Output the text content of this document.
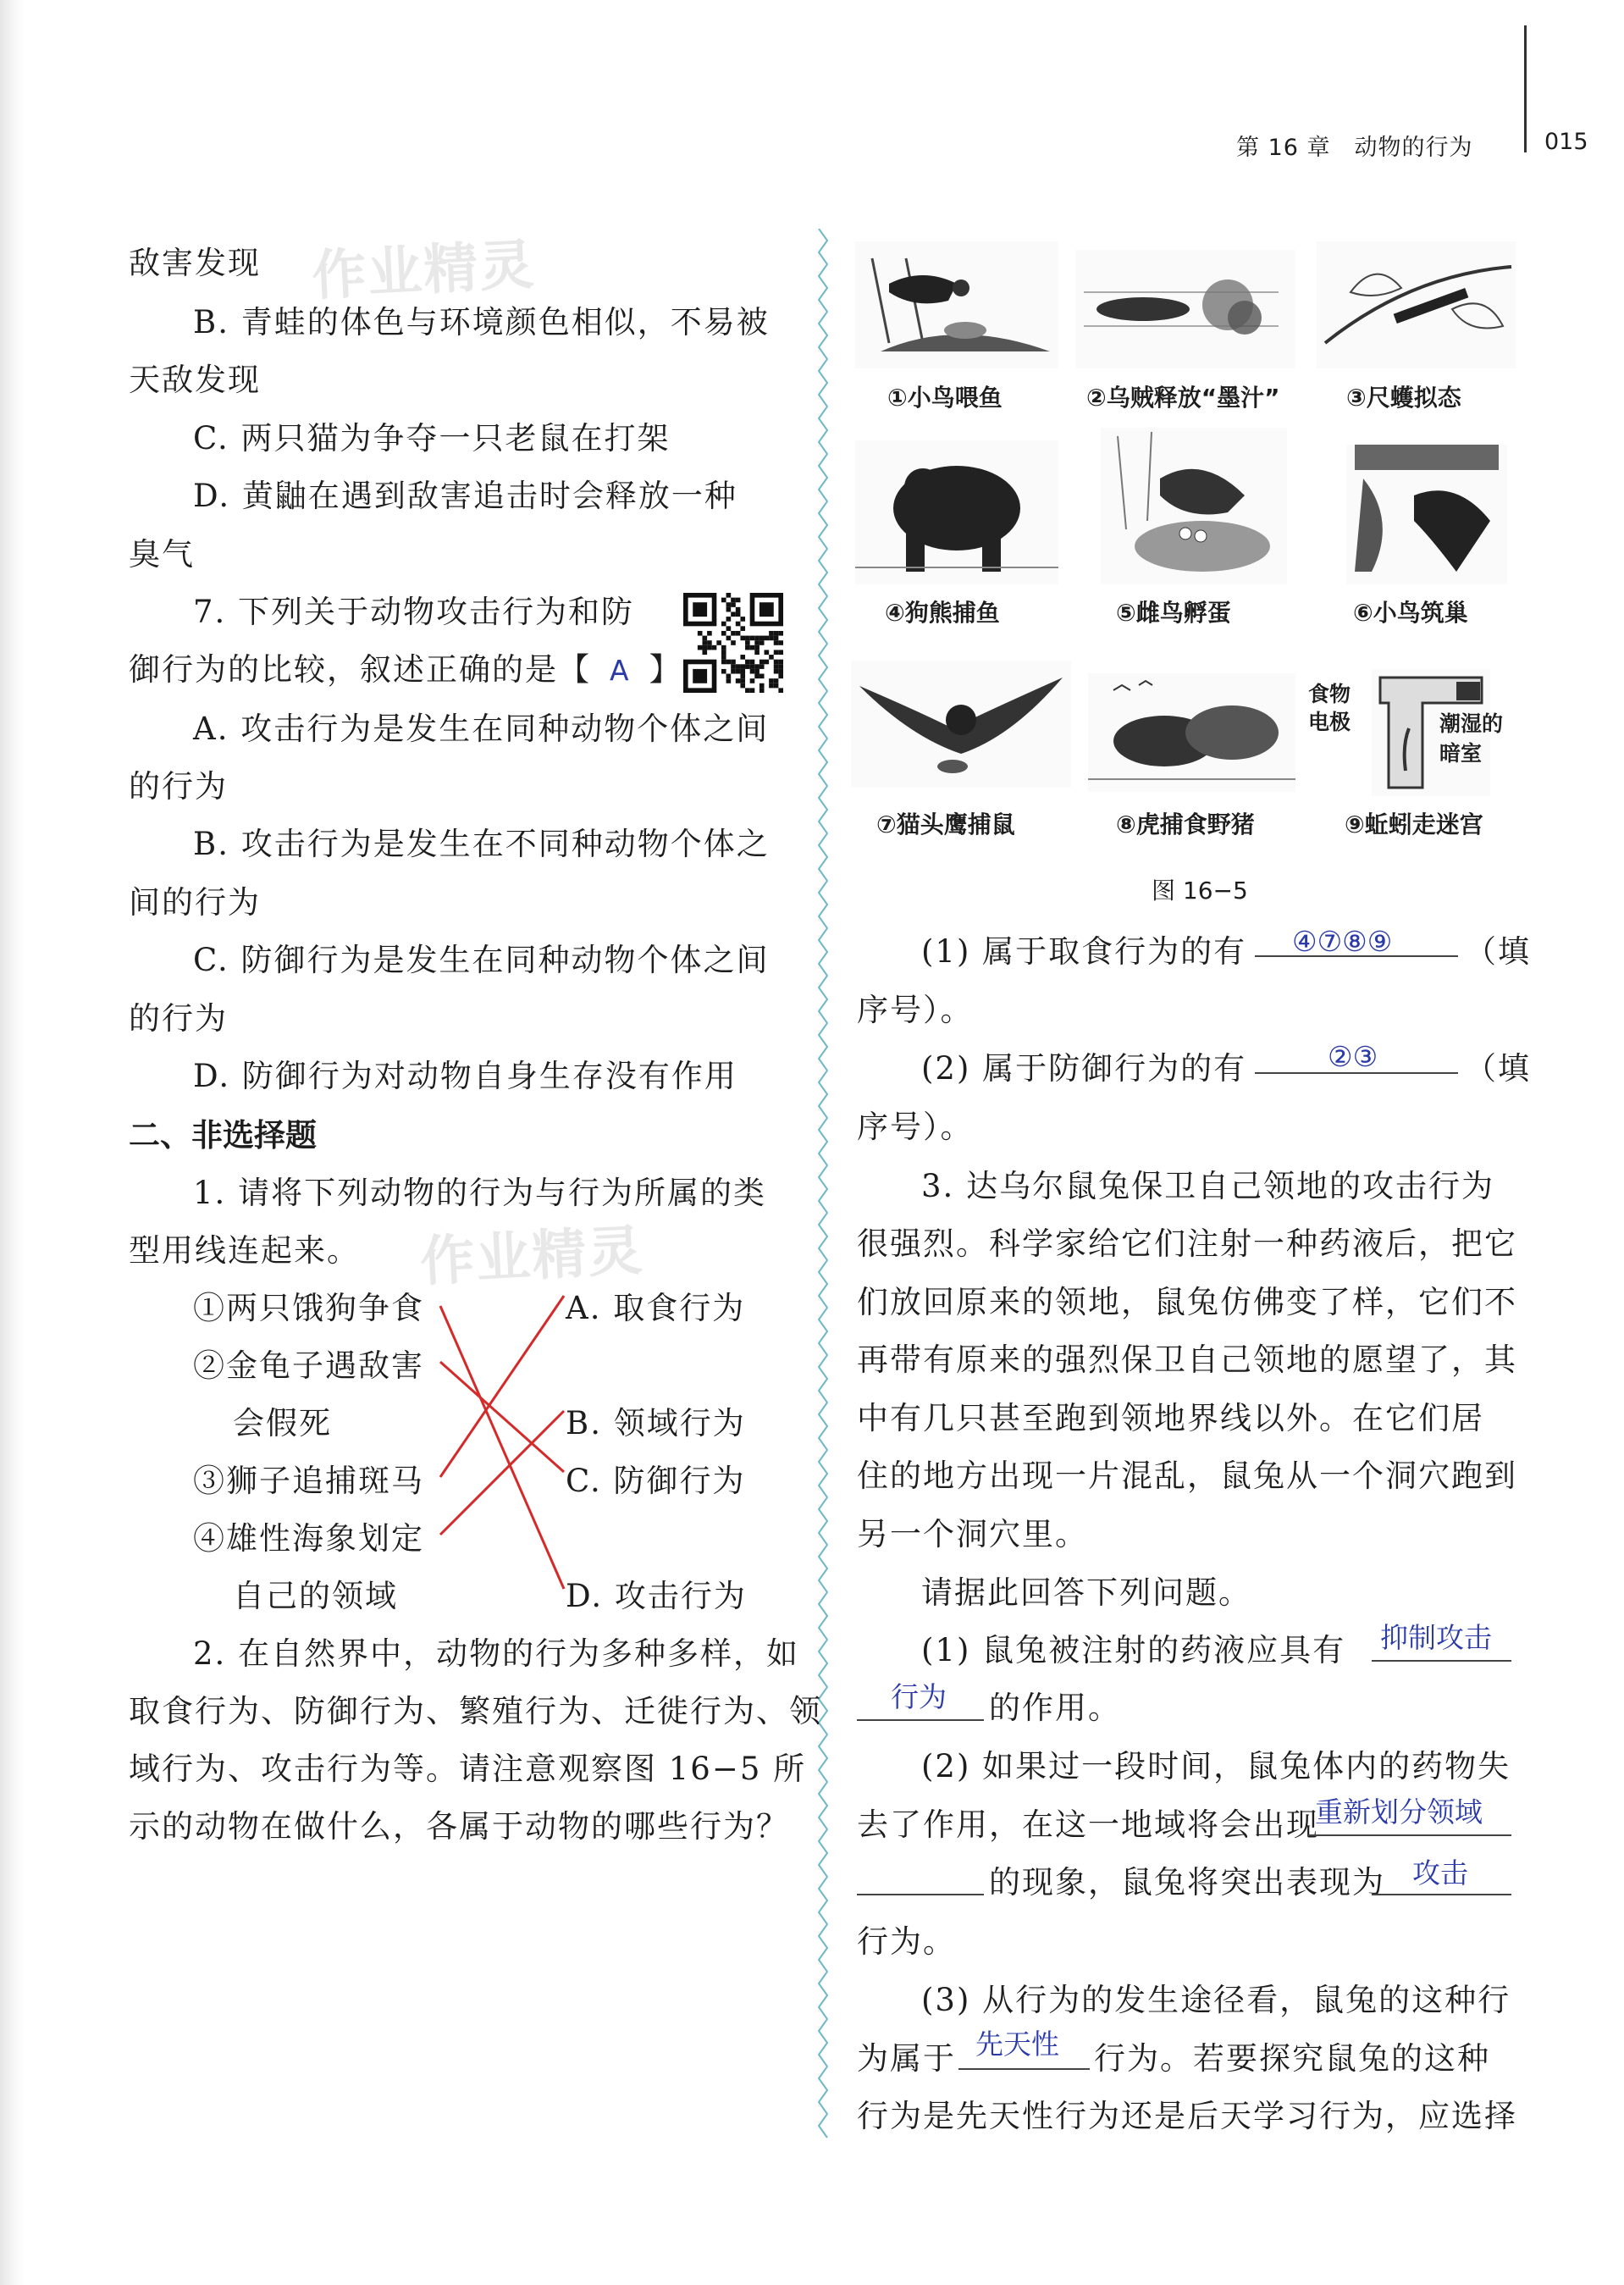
第 16 章　动物的行为	015
作业精灵
作业精灵
敌害发现
B. 青蛙的体色与环境颜色相似，不易被
天敌发现
C. 两只猫为争夺一只老鼠在打架
D. 黄鼬在遇到敌害追击时会释放一种
臭气
7. 下列关于动物攻击行为和防
御行为的比较，叙述正确的是【 A 】
A. 攻击行为是发生在同种动物个体之间
的行为
B. 攻击行为是发生在不同种动物个体之
间的行为
C. 防御行为是发生在同种动物个体之间
的行为
D. 防御行为对动物自身生存没有作用
二、非选择题
1. 请将下列动物的行为与行为所属的类
型用线连起来。
①两只饿狗争食
②金龟子遇敌害
会假死
③狮子追捕斑马
④雄性海象划定
自己的领域
A. 取食行为
B. 领域行为
C. 防御行为
D. 攻击行为
2. 在自然界中，动物的行为多种多样，如
取食行为、防御行为、繁殖行为、迁徙行为、领
域行为、攻击行为等。请注意观察图 16−5 所
示的动物在做什么，各属于动物的哪些行为？
①小鸟喂鱼	②乌贼释放“墨汁”	③尺蠖拟态
④狗熊捕鱼	⑤雌鸟孵蛋	⑥小鸟筑巢
⑦猫头鹰捕鼠	⑧虎捕食野猪
食物
电极	潮湿的
暗室
⑨蚯蚓走迷宫
图 16−5
(1) 属于取食行为的有 ④⑦⑧⑨ （填
序号）。
(2) 属于防御行为的有	②③	（填
序号）。
3. 达乌尔鼠兔保卫自己领地的攻击行为
很强烈。科学家给它们注射一种药液后，把它
们放回原来的领地，鼠兔仿佛变了样，它们不
再带有原来的强烈保卫自己领地的愿望了，其
中有几只甚至跑到领地界线以外。在它们居
住的地方出现一片混乱，鼠兔从一个洞穴跑到
另一个洞穴里。
请据此回答下列问题。
(1) 鼠兔被注射的药液应具有 抑制攻击
行为 的作用。
(2) 如果过一段时间，鼠兔体内的药物失
去了作用，在这一地域将会出现
重新划分领域
的现象，鼠兔将突出表现为 攻击
行为。
(3) 从行为的发生途径看，鼠兔的这种行
为属于 先天性 行为。若要探究鼠兔的这种
行为是先天性行为还是后天学习行为，应选择
